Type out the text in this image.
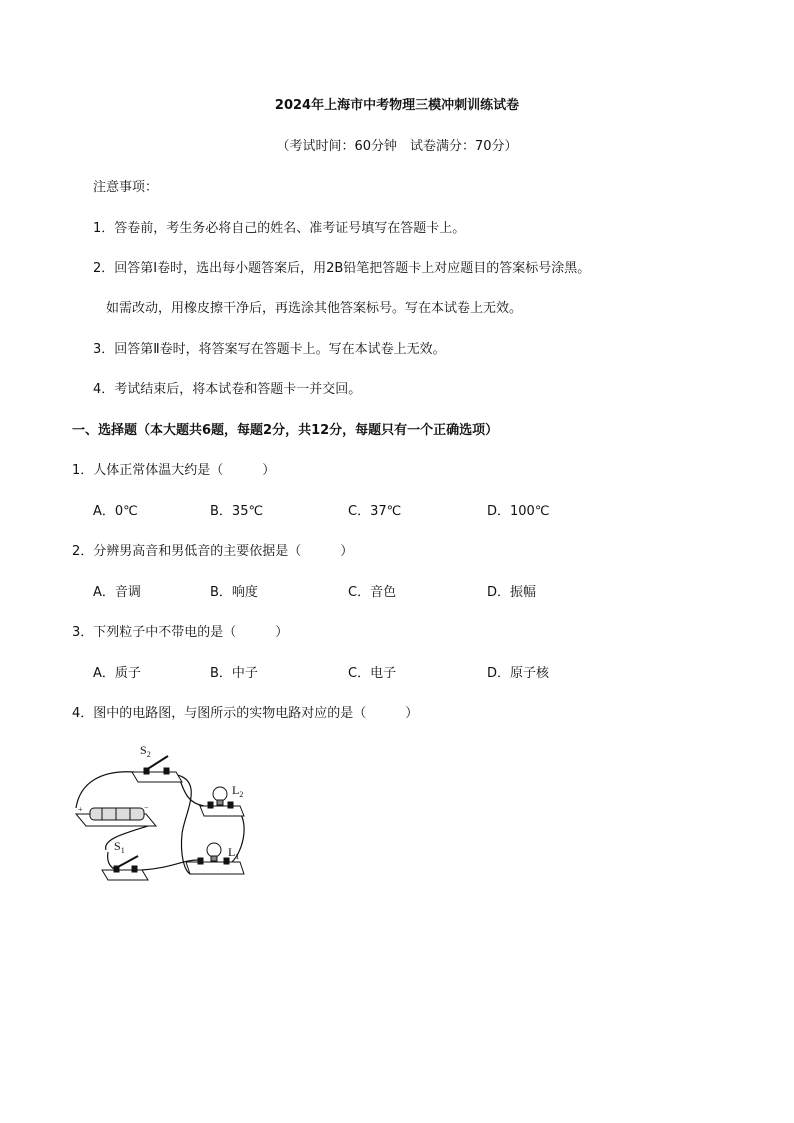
2024年上海市中考物理三模冲刺训练试卷
（考试时间：60分钟　试卷满分：70分）
注意事项：
1．答卷前，考生务必将自己的姓名、准考证号填写在答题卡上。
2．回答第Ⅰ卷时，选出每小题答案后，用2B铅笔把答题卡上对应题目的答案标号涂黑。
如需改动，用橡皮擦干净后，再选涂其他答案标号。写在本试卷上无效。
3．回答第Ⅱ卷时，将答案写在答题卡上。写在本试卷上无效。
4．考试结束后，将本试卷和答题卡一并交回。
一、选择题（本大题共6题，每题2分，共12分，每题只有一个正确选项）
1．人体正常体温大约是（　　　）
A．0℃	B．35℃	C．37℃	D．100℃
2．分辨男高音和男低音的主要依据是（　　　）
A．音调	B．响度	C．音色	D．振幅
3．下列粒子中不带电的是（　　　）
A．质子	B．中子	C．电子	D．原子核
4．图中的电路图，与图所示的实物电路对应的是（　　　）
$S_2$
$L_2$
$S_1$	$L_1$
+	−
